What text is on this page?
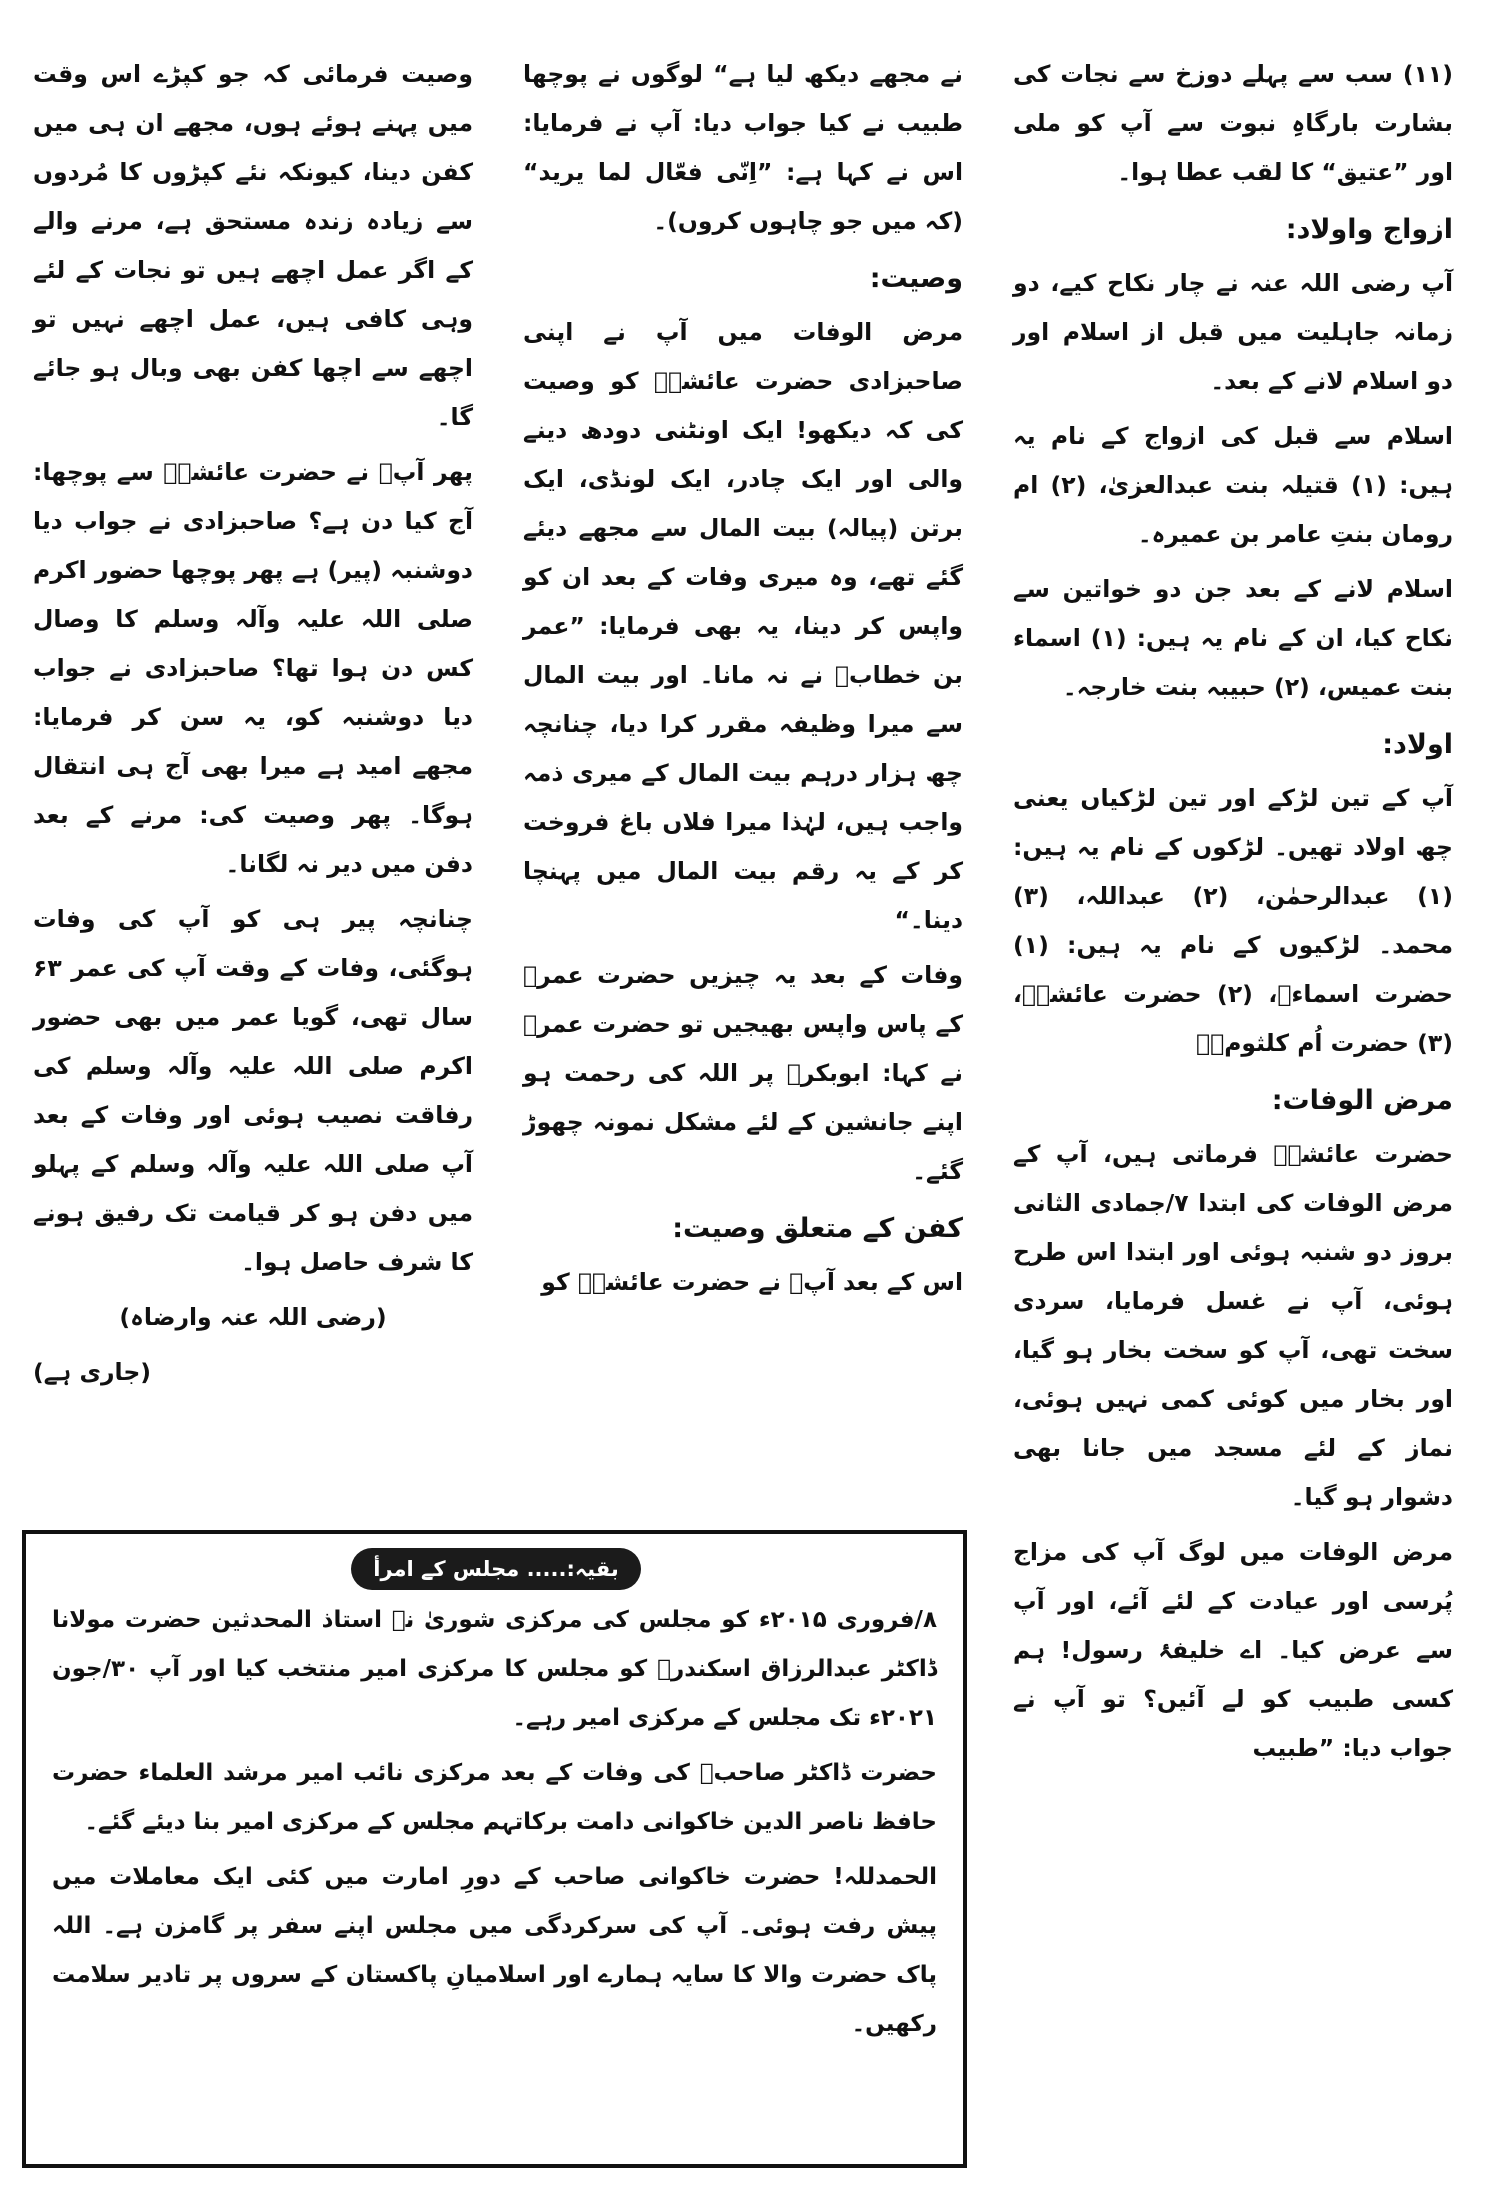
(۱۱) سب سے پہلے دوزخ سے نجات کی بشارت بارگاہِ نبوت سے آپ کو ملی اور ”عتیق“ کا لقب عطا ہوا۔

ازواج واولاد:

آپ رضی اللہ عنہ نے چار نکاح کیے، دو زمانہ جاہلیت میں قبل از اسلام اور دو اسلام لانے کے بعد۔

اسلام سے قبل کی ازواج کے نام یہ ہیں: (۱) قتیلہ بنت عبدالعزیٰ، (۲) ام رومان بنتِ عامر بن عمیرہ۔

اسلام لانے کے بعد جن دو خواتین سے نکاح کیا، ان کے نام یہ ہیں: (۱) اسماء بنت عمیس، (۲) حبیبہ بنت خارجہ۔

اولاد:

آپ کے تین لڑکے اور تین لڑکیاں یعنی چھ اولاد تھیں۔ لڑکوں کے نام یہ ہیں: (۱) عبدالرحمٰن، (۲) عبداللہ، (۳) محمد۔ لڑکیوں کے نام یہ ہیں: (۱) حضرت اسماءؓ، (۲) حضرت عائشہؓ، (۳) حضرت اُم کلثومؓ۔

مرض الوفات:

حضرت عائشہؓ فرماتی ہیں، آپ کے مرض الوفات کی ابتدا ۷/جمادی الثانی بروز دو شنبہ ہوئی اور ابتدا اس طرح ہوئی، آپ نے غسل فرمایا، سردی سخت تھی، آپ کو سخت بخار ہو گیا، اور بخار میں کوئی کمی نہیں ہوئی، نماز کے لئے مسجد میں جانا بھی دشوار ہو گیا۔

مرض الوفات میں لوگ آپ کی مزاج پُرسی اور عیادت کے لئے آئے، اور آپ سے عرض کیا۔ اے خلیفۂ رسول! ہم کسی طبیب کو لے آئیں؟ تو آپ نے جواب دیا: ”طبیب

نے مجھے دیکھ لیا ہے“ لوگوں نے پوچھا طبیب نے کیا جواب دیا: آپ نے فرمایا: اس نے کہا ہے: ”اِنّی فعّال لما یرید“ (کہ میں جو چاہوں کروں)۔

وصیت:

مرض الوفات میں آپ نے اپنی صاحبزادی حضرت عائشہؓ کو وصیت کی کہ دیکھو! ایک اونٹنی دودھ دینے والی اور ایک چادر، ایک لونڈی، ایک برتن (پیالہ) بیت المال سے مجھے دیئے گئے تھے، وہ میری وفات کے بعد ان کو واپس کر دینا، یہ بھی فرمایا: ”عمر بن خطابؓ نے نہ مانا۔ اور بیت المال سے میرا وظیفہ مقرر کرا دیا، چنانچہ چھ ہزار درہم بیت المال کے میری ذمہ واجب ہیں، لہٰذا میرا فلاں باغ فروخت کر کے یہ رقم بیت المال میں پہنچا دینا۔“

وفات کے بعد یہ چیزیں حضرت عمرؓ کے پاس واپس بھیجیں تو حضرت عمرؓ نے کہا: ابوبکرؓ پر اللہ کی رحمت ہو اپنے جانشین کے لئے مشکل نمونہ چھوڑ گئے۔

کفن کے متعلق وصیت:

اس کے بعد آپؓ نے حضرت عائشہؓ کو

وصیت فرمائی کہ جو کپڑے اس وقت میں پہنے ہوئے ہوں، مجھے ان ہی میں کفن دینا، کیونکہ نئے کپڑوں کا مُردوں سے زیادہ زندہ مستحق ہے، مرنے والے کے اگر عمل اچھے ہیں تو نجات کے لئے وہی کافی ہیں، عمل اچھے نہیں تو اچھے سے اچھا کفن بھی وبال ہو جائے گا۔

پھر آپؓ نے حضرت عائشہؓ سے پوچھا: آج کیا دن ہے؟ صاحبزادی نے جواب دیا دوشنبہ (پیر) ہے پھر پوچھا حضور اکرم صلی اللہ علیہ وآلہ وسلم کا وصال کس دن ہوا تھا؟ صاحبزادی نے جواب دیا دوشنبہ کو، یہ سن کر فرمایا: مجھے امید ہے میرا بھی آج ہی انتقال ہوگا۔ پھر وصیت کی: مرنے کے بعد دفن میں دیر نہ لگانا۔

چنانچہ پیر ہی کو آپ کی وفات ہوگئی، وفات کے وقت آپ کی عمر ۶۳ سال تھی، گویا عمر میں بھی حضور اکرم صلی اللہ علیہ وآلہ وسلم کی رفاقت نصیب ہوئی اور وفات کے بعد آپ صلی اللہ علیہ وآلہ وسلم کے پہلو میں دفن ہو کر قیامت تک رفیق ہونے کا شرف حاصل ہوا۔

(رضی اللہ عنہ وارضاہ)

(جاری ہے)

بقیہ:..... مجلس کے امرأ

۸/فروری ۲۰۱۵ء کو مجلس کی مرکزی شوریٰ نے استاذ المحدثین حضرت مولانا ڈاکٹر عبدالرزاق اسکندرؒ کو مجلس کا مرکزی امیر منتخب کیا اور آپ ۳۰/جون ۲۰۲۱ء تک مجلس کے مرکزی امیر رہے۔

حضرت ڈاکٹر صاحبؒ کی وفات کے بعد مرکزی نائب امیر مرشد العلماء حضرت حافظ ناصر الدین خاکوانی دامت برکاتہم مجلس کے مرکزی امیر بنا دیئے گئے۔

الحمدللہ! حضرت خاکوانی صاحب کے دورِ امارت میں کئی ایک معاملات میں پیش رفت ہوئی۔ آپ کی سرکردگی میں مجلس اپنے سفر پر گامزن ہے۔ اللہ پاک حضرت والا کا سایہ ہمارے اور اسلامیانِ پاکستان کے سروں پر تادیر سلامت رکھیں۔
